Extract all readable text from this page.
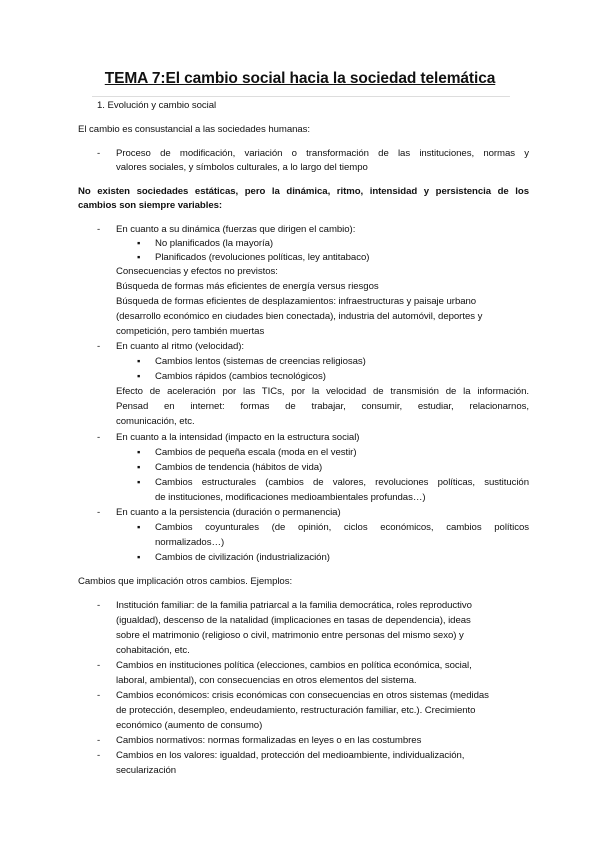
TEMA 7:El cambio social hacia la sociedad telemática
1. Evolución y cambio social
El cambio es consustancial a las sociedades humanas:
- Proceso de modificación, variación o transformación de las instituciones, normas y
valores sociales, y símbolos culturales, a lo largo del tiempo
No existen sociedades estáticas, pero la dinámica, ritmo, intensidad y persistencia de los
cambios son siempre variables:
- En cuanto a su dinámica (fuerzas que dirigen el cambio):
▪ No planificados (la mayoría)
▪ Planificados (revoluciones políticas, ley antitabaco)
Consecuencias y efectos no previstos:
Búsqueda de formas más eficientes de energía versus riesgos
Búsqueda de formas eficientes de desplazamientos: infraestructuras y paisaje urbano
(desarrollo económico en ciudades bien conectada), industria del automóvil, deportes y
competición, pero también muertas
- En cuanto al ritmo (velocidad):
▪ Cambios lentos (sistemas de creencias religiosas)
▪ Cambios rápidos (cambios tecnológicos)
Efecto de aceleración por las TICs, por la velocidad de transmisión de la información.
Pensad en internet: formas de trabajar, consumir, estudiar, relacionarnos,
comunicación, etc.
- En cuanto a la intensidad (impacto en la estructura social)
▪ Cambios de pequeña escala (moda en el vestir)
▪ Cambios de tendencia (hábitos de vida)
▪ Cambios estructurales (cambios de valores, revoluciones políticas, sustitución
de instituciones, modificaciones medioambientales profundas…)
- En cuanto a la persistencia (duración o permanencia)
▪ Cambios coyunturales (de opinión, ciclos económicos, cambios políticos
normalizados…)
▪ Cambios de civilización (industrialización)
Cambios que implicación otros cambios. Ejemplos:
- Institución familiar: de la familia patriarcal a la familia democrática, roles reproductivo
(igualdad), descenso de la natalidad (implicaciones en tasas de dependencia), ideas
sobre el matrimonio (religioso o civil, matrimonio entre personas del mismo sexo) y
cohabitación, etc.
- Cambios en instituciones política (elecciones, cambios en política económica, social,
laboral, ambiental), con consecuencias en otros elementos del sistema.
- Cambios económicos: crisis económicas con consecuencias en otros sistemas (medidas
de protección, desempleo, endeudamiento, restructuración familiar, etc.). Crecimiento
económico (aumento de consumo)
- Cambios normativos: normas formalizadas en leyes o en las costumbres
- Cambios en los valores: igualdad, protección del medioambiente, individualización,
secularización
